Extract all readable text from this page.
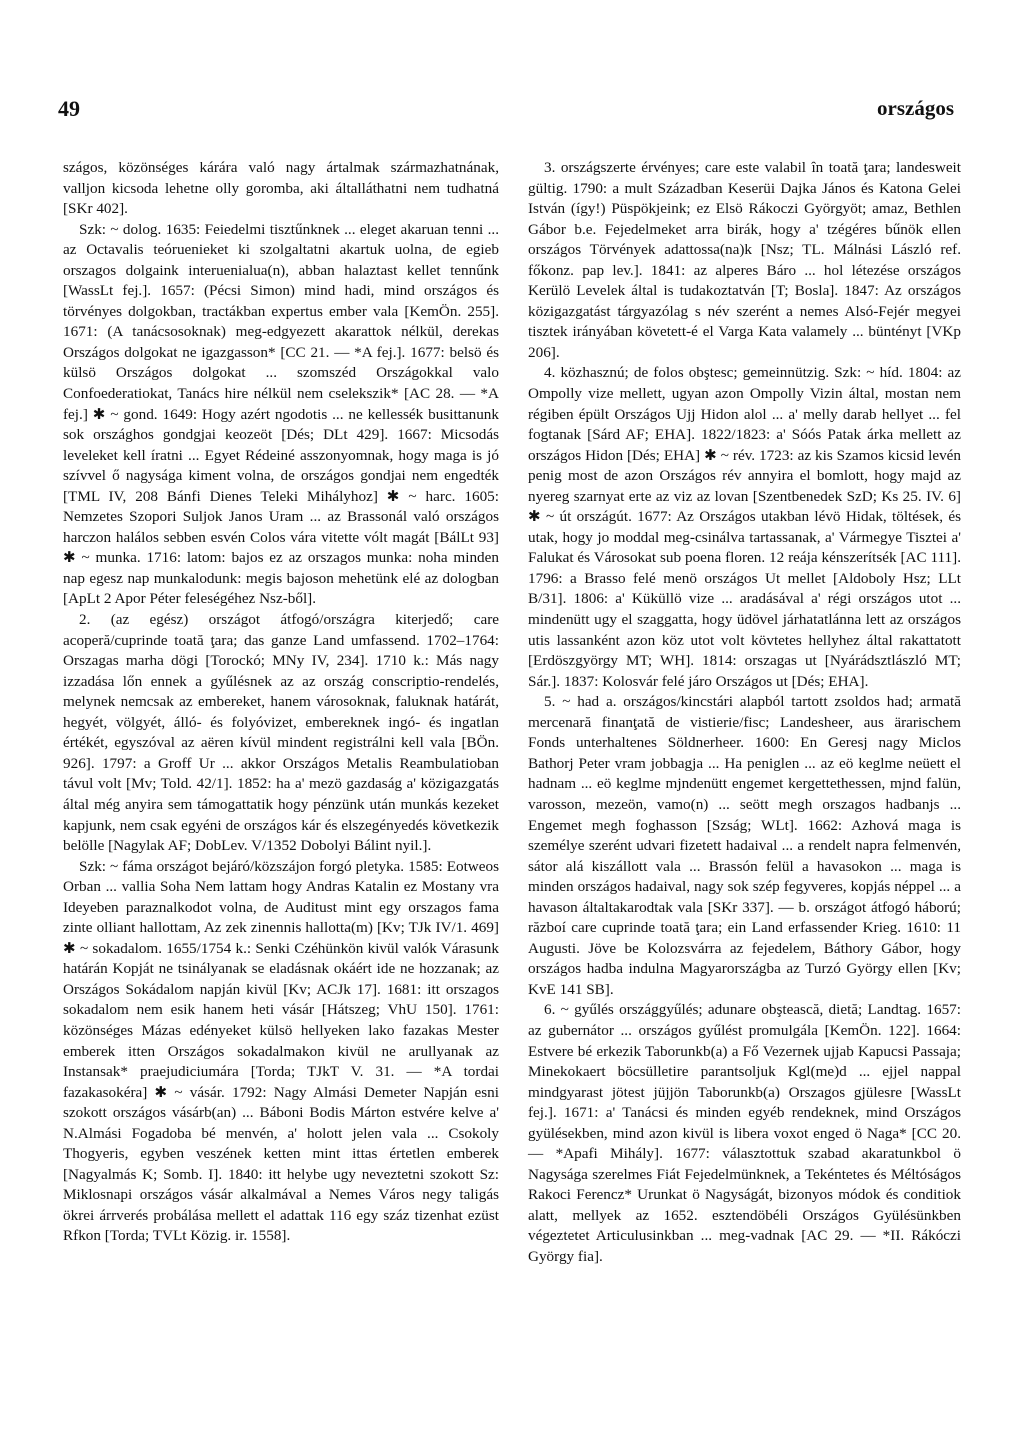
49	országos

szágos, közönséges kárára való nagy ártalmak származhatnának, valljon kicsoda lehetne olly goromba, aki általláthatni nem tudhatná [SKr 402].

Szk: ~ dolog. 1635: Feiedelmi tisztűnknek ... eleget akaruan tenni ... az Octavalis teóruenieket ki szolgaltatni akartuk uolna, de egieb orszagos dolgaink interuenialua(n), abban halaztast kellet tennűnk [WassLt fej.]. 1657: (Pécsi Simon) mind hadi, mind országos és törvényes dolgokban, tractákban expertus ember vala [KemÖn. 255]. 1671: (A tanácsosoknak) meg-edgyezett akarattok nélkül, derekas Országos dolgokat ne igazgasson* [CC 21. — *A fej.]. 1677: belsö és külsö Országos dolgokat ... szomszéd Országokkal valo Confoederatiokat, Tanács hire nélkül nem cselekszik* [AC 28. — *A fej.] ✱ ~ gond. 1649: Hogy azért ngodotis ... ne kellessék busittanunk sok országhos gondgjai keozeöt [Dés; DLt 429]. 1667: Micsodás leveleket kell íratni ... Egyet Rédeiné asszonyomnak, hogy maga is jó szívvel ő nagysága kiment volna, de országos gondjai nem engedték [TML IV, 208 Bánfi Dienes Teleki Mihályhoz] ✱ ~ harc. 1605: Nemzetes Szopori Suljok Janos Uram ... az Brassonál való országos harczon halálos sebben esvén Colos vára vitette vólt magát [BálLt 93] ✱ ~ munka. 1716: latom: bajos ez az orszagos munka: noha minden nap egesz nap munkalodunk: megis bajoson mehetünk elé az dologban [ApLt 2 Apor Péter feleségéhez Nsz-ből].

2. (az egész) országot átfogó/országra kiterjedő; care acoperă/cuprinde toată ţara; das ganze Land umfassend. 1702–1764: Orszagas marha dögi [Torockó; MNy IV, 234]. 1710 k.: Más nagy izzadása lőn ennek a gyűlésnek az az ország conscriptio-rendelés, melynek nemcsak az embereket, hanem városoknak, faluknak határát, hegyét, völgyét, álló- és folyóvizet, embereknek ingó- és ingatlan értékét, egyszóval az aëren kívül mindent registrálni kell vala [BÖn. 926]. 1797: a Groff Ur ... akkor Országos Metalis Reambulatioban távul volt [Mv; Told. 42/1]. 1852: ha a' mezö gazdaság a' közigazgatás által még anyira sem támogattatik hogy pénzünk után munkás kezeket kapjunk, nem csak egyéni de országos kár és elszegényedés következik belölle [Nagylak AF; DobLev. V/1352 Dobolyi Bálint nyil.].

Szk: ~ fáma országot bejáró/közszájon forgó pletyka. 1585: Eotweos Orban ... vallia Soha Nem lattam hogy Andras Katalin ez Mostany vra Ideyeben paraznalkodot volna, de Auditust mint egy orszagos fama zinte olliant hallottam, Az zek zinennis hallotta(m) [Kv; TJk IV/1. 469] ✱ ~ sokadalom. 1655/1754 k.: Senki Czéhünkön kivül valók Várasunk határán Kopját ne tsinályanak se eladásnak okáért ide ne hozzanak; az Országos Sokádalom napján kivül [Kv; ACJk 17]. 1681: itt orszagos sokadalom nem esik hanem heti vásár [Hátszeg; VhU 150]. 1761: közönséges Mázas edényeket külsö hellyeken lako fazakas Mester emberek itten Országos sokadalmakon kivül ne arullyanak az Instansak* praejudiciumára [Torda; TJkT V. 31. — *A tordai fazakasokéra] ✱ ~ vásár. 1792: Nagy Almási Demeter Napján esni szokott országos vásárb(an) ... Báboni Bodis Márton estvére kelve a' N.Almási Fogadoba bé menvén, a' holott jelen vala ... Csokoly Thogyeris, egyben veszének ketten mint ittas értetlen emberek [Nagyalmás K; Somb. I]. 1840: itt helybe ugy neveztetni szokott Sz: Miklosnapi országos vásár alkalmával a Nemes Város negy taligás ökrei árrverés probálása mellett el adattak 116 egy száz tizenhat ezüst Rfkon [Torda; TVLt Közig. ir. 1558].

3. országszerte érvényes; care este valabil în toată ţara; landesweit gültig. 1790: a mult Században Keserüi Dajka János és Katona Gelei István (így!) Püspökjeink; ez Elsö Rákoczi Györgyöt; amaz, Bethlen Gábor b.e. Fejedelmeket arra birák, hogy a' tzégéres bűnök ellen országos Törvények adattossa(na)k [Nsz; TL. Málnási László ref. főkonz. pap lev.]. 1841: az alperes Báro ... hol létezése országos Kerülö Levelek által is tudakoztatván [T; Bosla]. 1847: Az országos közigazgatást tárgyazólag s név szerént a nemes Alsó-Fejér megyei tisztek irányában követett-é el Varga Kata valamely ... büntényt [VKp 206].

4. közhasznú; de folos obştesc; gemeinnützig. Szk: ~ híd. 1804: az Ompolly vize mellett, ugyan azon Ompolly Vizin által, mostan nem régiben épült Országos Ujj Hidon alol ... a' melly darab hellyet ... fel fogtanak [Sárd AF; EHA]. 1822/1823: a' Sóós Patak árka mellett az országos Hidon [Dés; EHA] ✱ ~ rév. 1723: az kis Szamos kicsid levén penig most de azon Országos rév annyira el bomlott, hogy majd az nyereg szarnyat erte az viz az lovan [Szentbenedek SzD; Ks 25. IV. 6] ✱ ~ út országút. 1677: Az Országos utakban lévö Hidak, töltések, és utak, hogy jo moddal meg-csinálva tartassanak, a' Vármegye Tisztei a' Falukat és Városokat sub poena floren. 12 reája kénszerítsék [AC 111]. 1796: a Brasso felé menö országos Ut mellet [Aldoboly Hsz; LLt B/31]. 1806: a' Küküllö vize ... aradásával a' régi országos utot ... mindenütt ugy el szaggatta, hogy üdövel járhatatlánna lett az országos utis lassanként azon köz utot volt kövtetes hellyhez által rakattatott [Erdöszgyörgy MT; WH]. 1814: orszagas ut [Nyárádsztlászló MT; Sár.]. 1837: Kolosvár felé járo Országos ut [Dés; EHA].

5. ~ had a. országos/kincstári alapból tartott zsoldos had; armată mercenară finanţată de vistierie/fisc; Landesheer, aus ärarischem Fonds unterhaltenes Söldnerheer. 1600: En Geresj nagy Miclos Bathorj Peter vram jobbagja ... Ha peniglen ... az eö keglme neüett el hadnam ... eö keglme mjndenütt engemet kergettethessen, mjnd falün, varosson, mezeön, vamo(n) ... seött megh orszagos hadbanjs ... Engemet megh foghasson [Szság; WLt]. 1662: Azhová maga is személye szerént udvari fizetett hadaival ... a rendelt napra felmenvén, sátor alá kiszállott vala ... Brassón felül a havasokon ... maga is minden országos hadaival, nagy sok szép fegyveres, kopjás néppel ... a havason általtakarodtak vala [SKr 337]. — b. országot átfogó háború; războí care cuprinde toată ţara; ein Land erfassender Krieg. 1610: 11 Augusti. Jöve be Kolozsvárra az fejedelem, Báthory Gábor, hogy országos hadba indulna Magyarországba az Turzó György ellen [Kv; KvE 141 SB].

6. ~ gyűlés országgyűlés; adunare obştească, dietă; Landtag. 1657: az gubernátor ... országos gyűlést promulgála [KemÖn. 122]. 1664: Estvere bé erkezik Taborunkb(a) a Fő Vezernek ujjab Kapucsi Passaja; Minekokaert böcsülletire parantsoljuk Kgl(me)d ... ejjel nappal mindgyarast jötest jüjjön Taborunkb(a) Orszagos gjülesre [WassLt fej.]. 1671: a' Tanácsi és minden egyéb rendeknek, mind Országos gyülésekben, mind azon kivül is libera voxot enged ö Naga* [CC 20. — *Apafi Mihály]. 1677: választottuk szabad akaratunkbol ö Nagysága szerelmes Fiát Fejedelmünknek, a Tekéntetes és Méltóságos Rakoci Ferencz* Urunkat ö Nagyságát, bizonyos módok és conditiok alatt, mellyek az 1652. esztendöbéli Országos Gyülésünkben végeztetet Articulusinkban ... meg-vadnak [AC 29. — *II. Rákóczi György fia].
